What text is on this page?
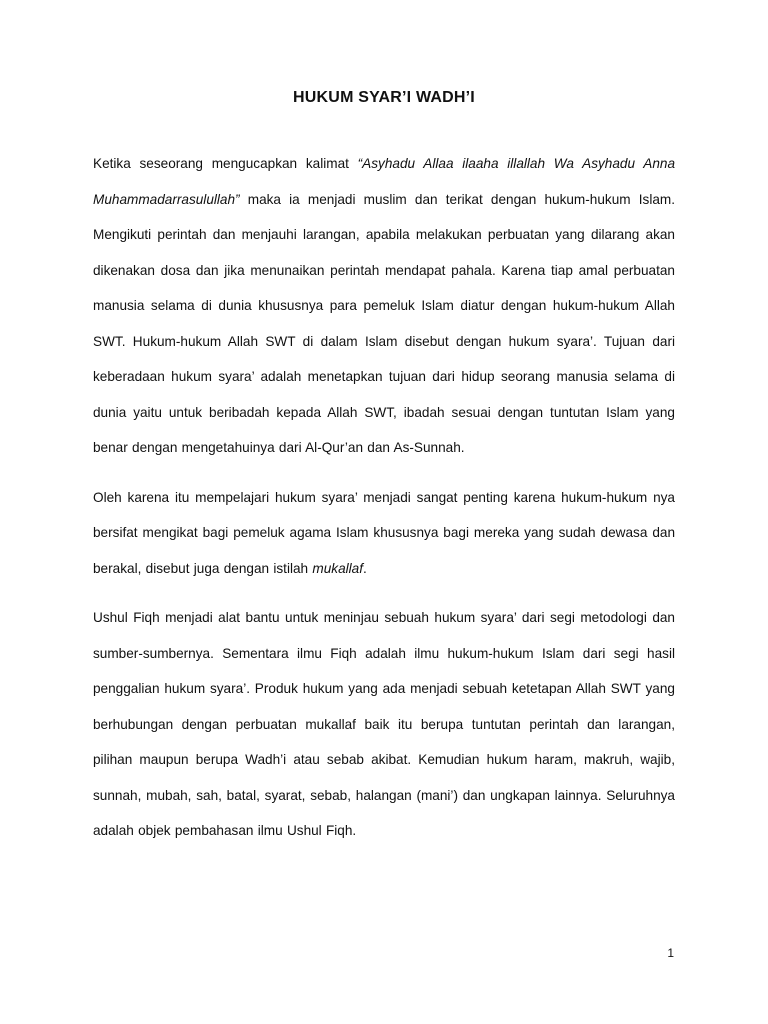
HUKUM SYAR’I WADH’I

Ketika seseorang mengucapkan kalimat “Asyhadu Allaa ilaaha illallah Wa Asyhadu Anna Muhammadarrasulullah” maka ia menjadi muslim dan terikat dengan hukum-hukum Islam. Mengikuti perintah dan menjauhi larangan, apabila melakukan perbuatan yang dilarang akan dikenakan dosa dan jika menunaikan perintah mendapat pahala. Karena tiap amal perbuatan manusia selama di dunia khususnya para pemeluk Islam diatur dengan hukum-hukum Allah SWT. Hukum-hukum Allah SWT di dalam Islam disebut dengan hukum syara’. Tujuan dari keberadaan hukum syara’ adalah menetapkan tujuan dari hidup seorang manusia selama di dunia yaitu untuk beribadah kepada Allah SWT, ibadah sesuai dengan tuntutan Islam yang benar dengan mengetahuinya dari Al-Qur’an dan As-Sunnah.

Oleh karena itu mempelajari hukum syara’ menjadi sangat penting karena hukum-hukum nya bersifat mengikat bagi pemeluk agama Islam khususnya bagi mereka yang sudah dewasa dan berakal, disebut juga dengan istilah mukallaf.

Ushul Fiqh menjadi alat bantu untuk meninjau sebuah hukum syara’ dari segi metodologi dan sumber-sumbernya. Sementara ilmu Fiqh adalah ilmu hukum-hukum Islam dari segi hasil penggalian hukum syara’. Produk hukum yang ada menjadi sebuah ketetapan Allah SWT yang berhubungan dengan perbuatan mukallaf baik itu berupa tuntutan perintah dan larangan, pilihan maupun berupa Wadh’i atau sebab akibat. Kemudian hukum haram, makruh, wajib, sunnah, mubah, sah, batal, syarat, sebab, halangan (mani’) dan ungkapan lainnya. Seluruhnya adalah objek pembahasan ilmu Ushul Fiqh.

1
